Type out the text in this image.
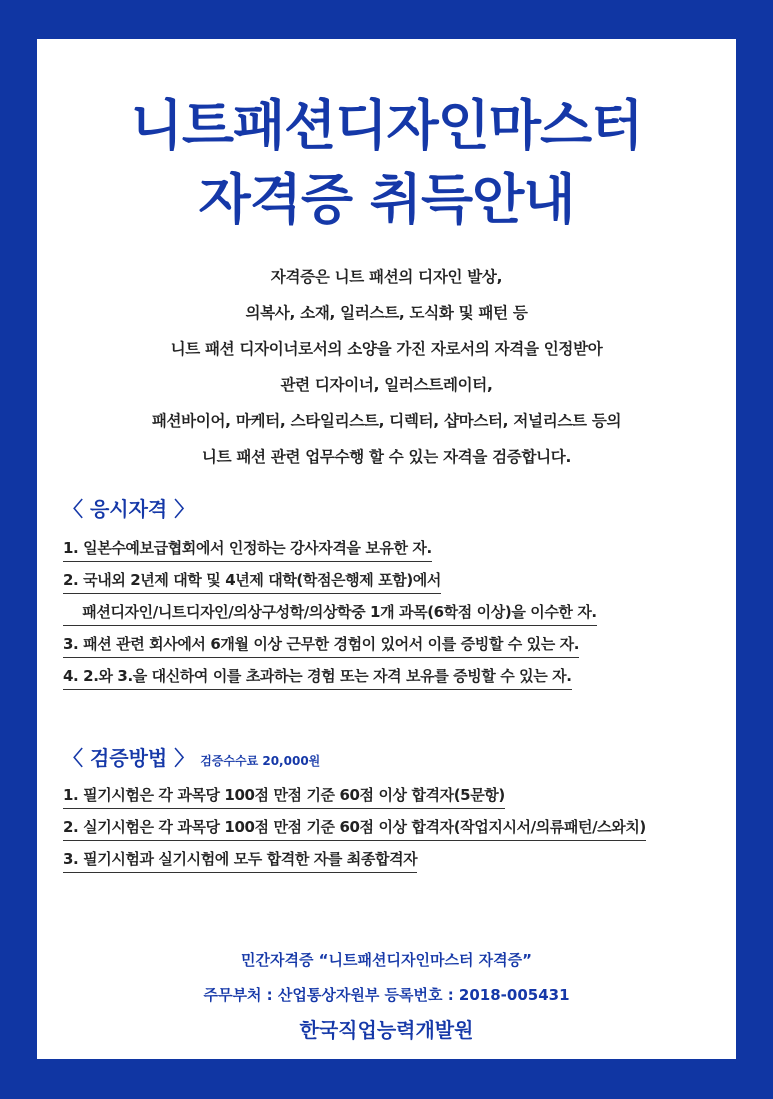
니트패션디자인마스터
자격증 취득안내
자격증은 니트 패션의 디자인 발상,
의복사, 소재, 일러스트, 도식화 및 패턴 등
니트 패션 디자이너로서의 소양을 가진 자로서의 자격을 인정받아
관련 디자이너, 일러스트레이터,
패션바이어, 마케터, 스타일리스트, 디렉터, 샵마스터, 저널리스트 등의
니트 패션 관련 업무수행 할 수 있는 자격을 검증합니다.
〈 응시자격 〉
1. 일본수예보급협회에서 인정하는 강사자격을 보유한 자.
2. 국내외 2년제 대학 및 4년제 대학(학점은행제 포함)에서
패션디자인/니트디자인/의상구성학/의상학중 1개 과목(6학점 이상)을 이수한 자.
3. 패션 관련 회사에서 6개월 이상 근무한 경험이 있어서 이를 증빙할 수 있는 자.
4. 2.와 3.을 대신하여 이를 초과하는 경험 또는 자격 보유를 증빙할 수 있는 자.
〈 검증방법 〉 검증수수료 20,000원
1. 필기시험은 각 과목당 100점 만점 기준 60점 이상 합격자(5문항)
2. 실기시험은 각 과목당 100점 만점 기준 60점 이상 합격자(작업지시서/의류패턴/스와치)
3. 필기시험과 실기시험에 모두 합격한 자를 최종합격자
민간자격증 “니트패션디자인마스터 자격증”
주무부처 : 산업통상자원부 등록번호 : 2018-005431
한국직업능력개발원
